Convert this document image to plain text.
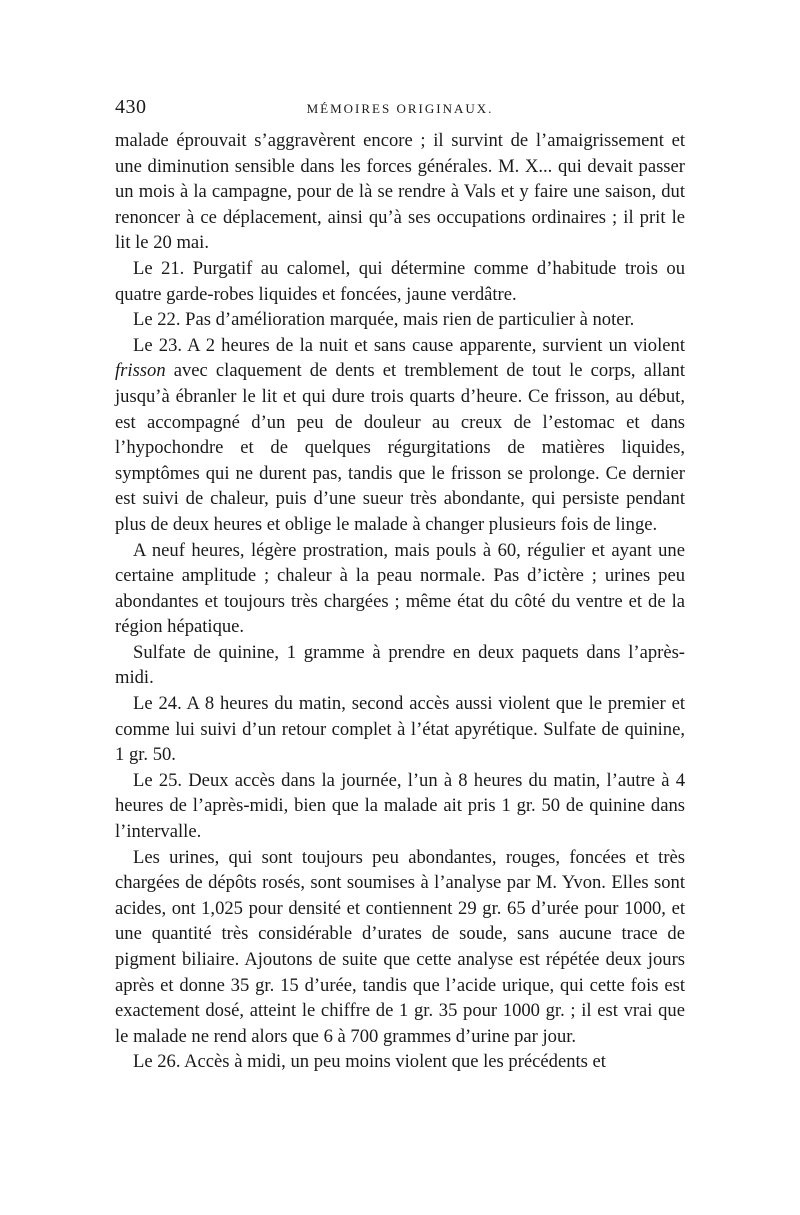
430	MÉMOIRES ORIGINAUX.

malade éprouvait s’aggravèrent encore ; il survint de l’amaigrissement et une diminution sensible dans les forces générales. M. X... qui devait passer un mois à la campagne, pour de là se rendre à Vals et y faire une saison, dut renoncer à ce déplacement, ainsi qu’à ses occupations ordinaires ; il prit le lit le 20 mai.

Le 21. Purgatif au calomel, qui détermine comme d’habitude trois ou quatre garde-robes liquides et foncées, jaune verdâtre.

Le 22. Pas d’amélioration marquée, mais rien de particulier à noter.

Le 23. A 2 heures de la nuit et sans cause apparente, survient un violent frisson avec claquement de dents et tremblement de tout le corps, allant jusqu’à ébranler le lit et qui dure trois quarts d’heure. Ce frisson, au début, est accompagné d’un peu de douleur au creux de l’estomac et dans l’hypochondre et de quelques régurgitations de matières liquides, symptômes qui ne durent pas, tandis que le frisson se prolonge. Ce dernier est suivi de chaleur, puis d’une sueur très abondante, qui persiste pendant plus de deux heures et oblige le malade à changer plusieurs fois de linge.

A neuf heures, légère prostration, mais pouls à 60, régulier et ayant une certaine amplitude ; chaleur à la peau normale. Pas d’ictère ; urines peu abondantes et toujours très chargées ; même état du côté du ventre et de la région hépatique.

Sulfate de quinine, 1 gramme à prendre en deux paquets dans l’après-midi.

Le 24. A 8 heures du matin, second accès aussi violent que le premier et comme lui suivi d’un retour complet à l’état apyrétique. Sulfate de quinine, 1 gr. 50.

Le 25. Deux accès dans la journée, l’un à 8 heures du matin, l’autre à 4 heures de l’après-midi, bien que la malade ait pris 1 gr. 50 de quinine dans l’intervalle.

Les urines, qui sont toujours peu abondantes, rouges, foncées et très chargées de dépôts rosés, sont soumises à l’analyse par M. Yvon. Elles sont acides, ont 1,025 pour densité et contiennent 29 gr. 65 d’urée pour 1000, et une quantité très considérable d’urates de soude, sans aucune trace de pigment biliaire. Ajoutons de suite que cette analyse est répétée deux jours après et donne 35 gr. 15 d’urée, tandis que l’acide urique, qui cette fois est exactement dosé, atteint le chiffre de 1 gr. 35 pour 1000 gr. ; il est vrai que le malade ne rend alors que 6 à 700 grammes d’urine par jour.

Le 26. Accès à midi, un peu moins violent que les précédents et
